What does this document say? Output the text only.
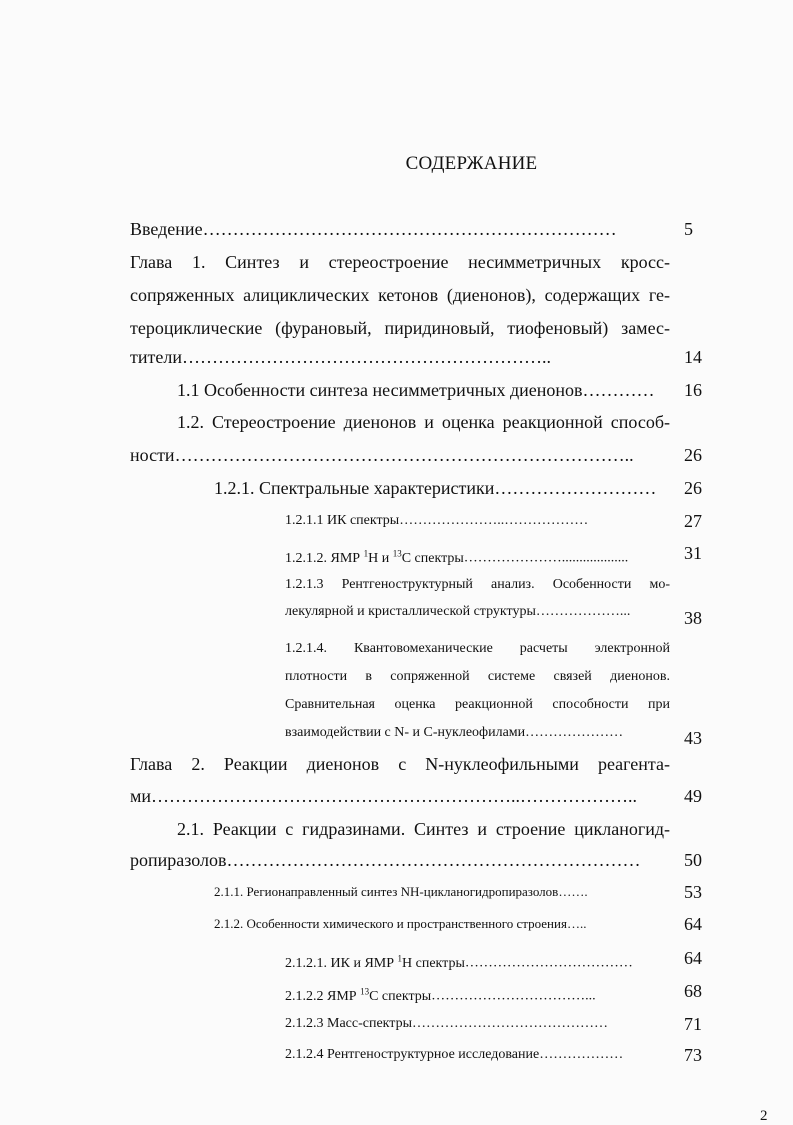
СОДЕРЖАНИЕ
Введение……………………………………………………………	5
Глава 1. Синтез и стереостроение несимметричных кросс-
сопряженных алициклических кетонов (диенонов), содержащих ге-
тероциклические (фурановый, пиридиновый, тиофеновый) замес-
тители……………………………………………………..	14
1.1 Особенности синтеза несимметричных диенонов…………	16
1.2. Стереостроение диенонов и оценка реакционной способ-
ности…………………………………………………………………..	26
1.2.1. Спектральные характеристики………………………	26
1.2.1.1 ИК спектры…………………..………………	27
1.2.1.2. ЯМР $^1$H и $^{13}$C спектры…………………...................	31
1.2.1.3 Рентгеноструктурный анализ. Особенности мо-
лекулярной и кристаллической структуры………………...	38
1.2.1.4. Квантовомеханические расчеты электронной
плотности в сопряженной системе связей диенонов.
Сравнительная оценка реакционной способности при
взаимодействии с N- и С-нуклеофилами…………………	43
Глава 2. Реакции диенонов с N-нуклеофильными реагента-
ми……………………………………………………..………………..	49
2.1. Реакции с гидразинами. Синтез и строение цикланогид-
ропиразолов……………………………………………………………	50
2.1.1. Регионаправленный синтез NH-цикланогидропиразолов…….	53
2.1.2. Особенности химического и пространственного строения…..	64
2.1.2.1. ИК и ЯМР $^1$H спектры………………………………	64
2.1.2.2 ЯМР $^{13}$C спектры……………………………...	68
2.1.2.3 Масс-спектры……………………………………	71
2.1.2.4 Рентгеноструктурное исследование………………	73
2
